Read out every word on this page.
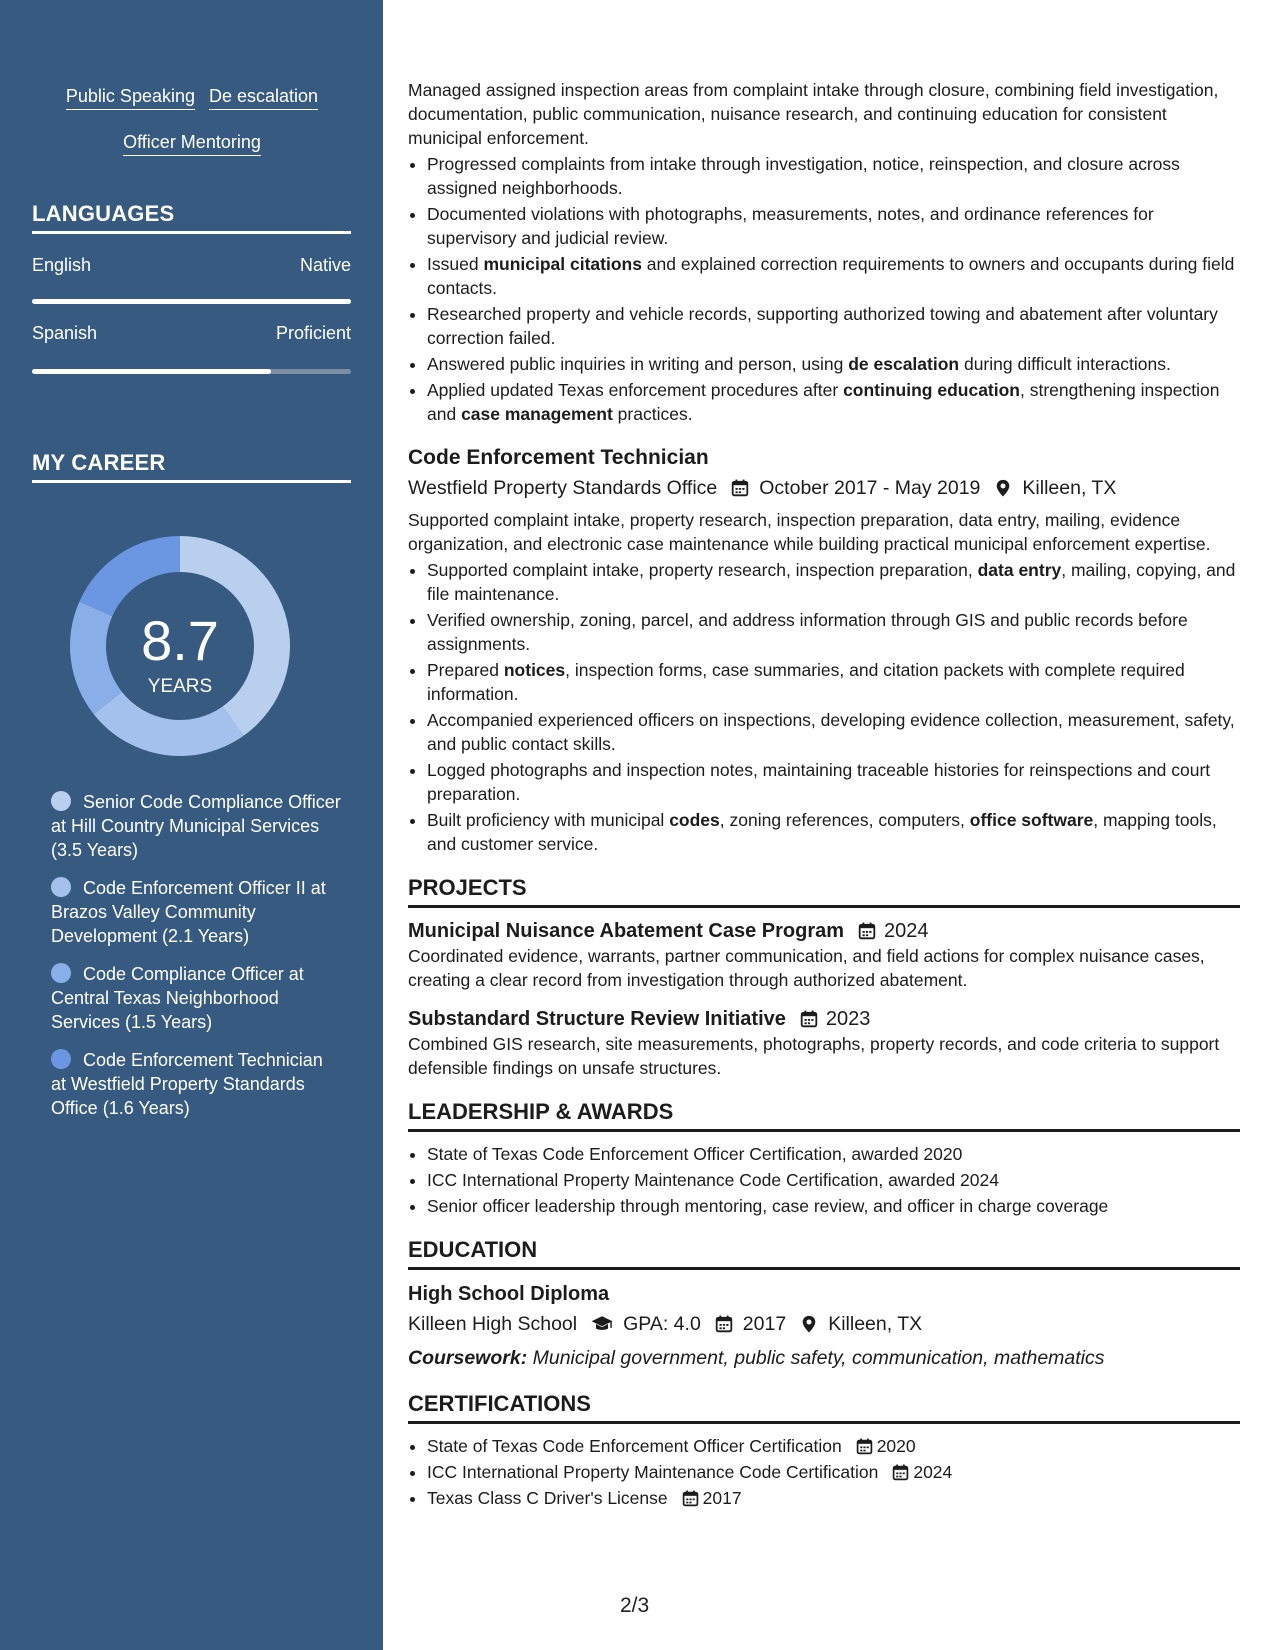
Public Speaking De escalation
Officer Mentoring
LANGUAGES
English	Native
Spanish	Proficient
MY CAREER
8.7
YEARS
Senior Code Compliance Officer at Hill Country Municipal Services (3.5 Years)
Code Enforcement Officer II at Brazos Valley Community Development (2.1 Years)
Code Compliance Officer at Central Texas Neighborhood Services (1.5 Years)
Code Enforcement Technician at Westfield Property Standards Office (1.6 Years)

Managed assigned inspection areas from complaint intake through closure, combining field investigation, documentation, public communication, nuisance research, and continuing education for consistent municipal enforcement.

• Progressed complaints from intake through investigation, notice, reinspection, and closure across assigned neighborhoods.
• Documented violations with photographs, measurements, notes, and ordinance references for supervisory and judicial review.
• Issued municipal citations and explained correction requirements to owners and occupants during field contacts.
• Researched property and vehicle records, supporting authorized towing and abatement after voluntary correction failed.
• Answered public inquiries in writing and person, using de escalation during difficult interactions.
• Applied updated Texas enforcement procedures after continuing education, strengthening inspection and case management practices.
Code Enforcement Technician
Westfield Property Standards Office October 2017 - May 2019 Killeen, TX

Supported complaint intake, property research, inspection preparation, data entry, mailing, evidence organization, and electronic case maintenance while building practical municipal enforcement expertise.

• Supported complaint intake, property research, inspection preparation, data entry, mailing, copying, and file maintenance.
• Verified ownership, zoning, parcel, and address information through GIS and public records before assignments.
• Prepared notices, inspection forms, case summaries, and citation packets with complete required information.
• Accompanied experienced officers on inspections, developing evidence collection, measurement, safety, and public contact skills.
• Logged photographs and inspection notes, maintaining traceable histories for reinspections and court preparation.
• Built proficiency with municipal codes, zoning references, computers, office software, mapping tools, and customer service.
PROJECTS
Municipal Nuisance Abatement Case Program 2024

Coordinated evidence, warrants, partner communication, and field actions for complex nuisance cases, creating a clear record from investigation through authorized abatement.

Substandard Structure Review Initiative 2023

Combined GIS research, site measurements, photographs, property records, and code criteria to support defensible findings on unsafe structures.

LEADERSHIP & AWARDS
• State of Texas Code Enforcement Officer Certification, awarded 2020
• ICC International Property Maintenance Code Certification, awarded 2024
• Senior officer leadership through mentoring, case review, and officer in charge coverage
EDUCATION
High School Diploma
Killeen High School GPA: 4.0 2017 Killeen, TX
Coursework: Municipal government, public safety, communication, mathematics
CERTIFICATIONS
• State of Texas Code Enforcement Officer Certification 2020
• ICC International Property Maintenance Code Certification 2024
• Texas Class C Driver's License 2017
2/3
